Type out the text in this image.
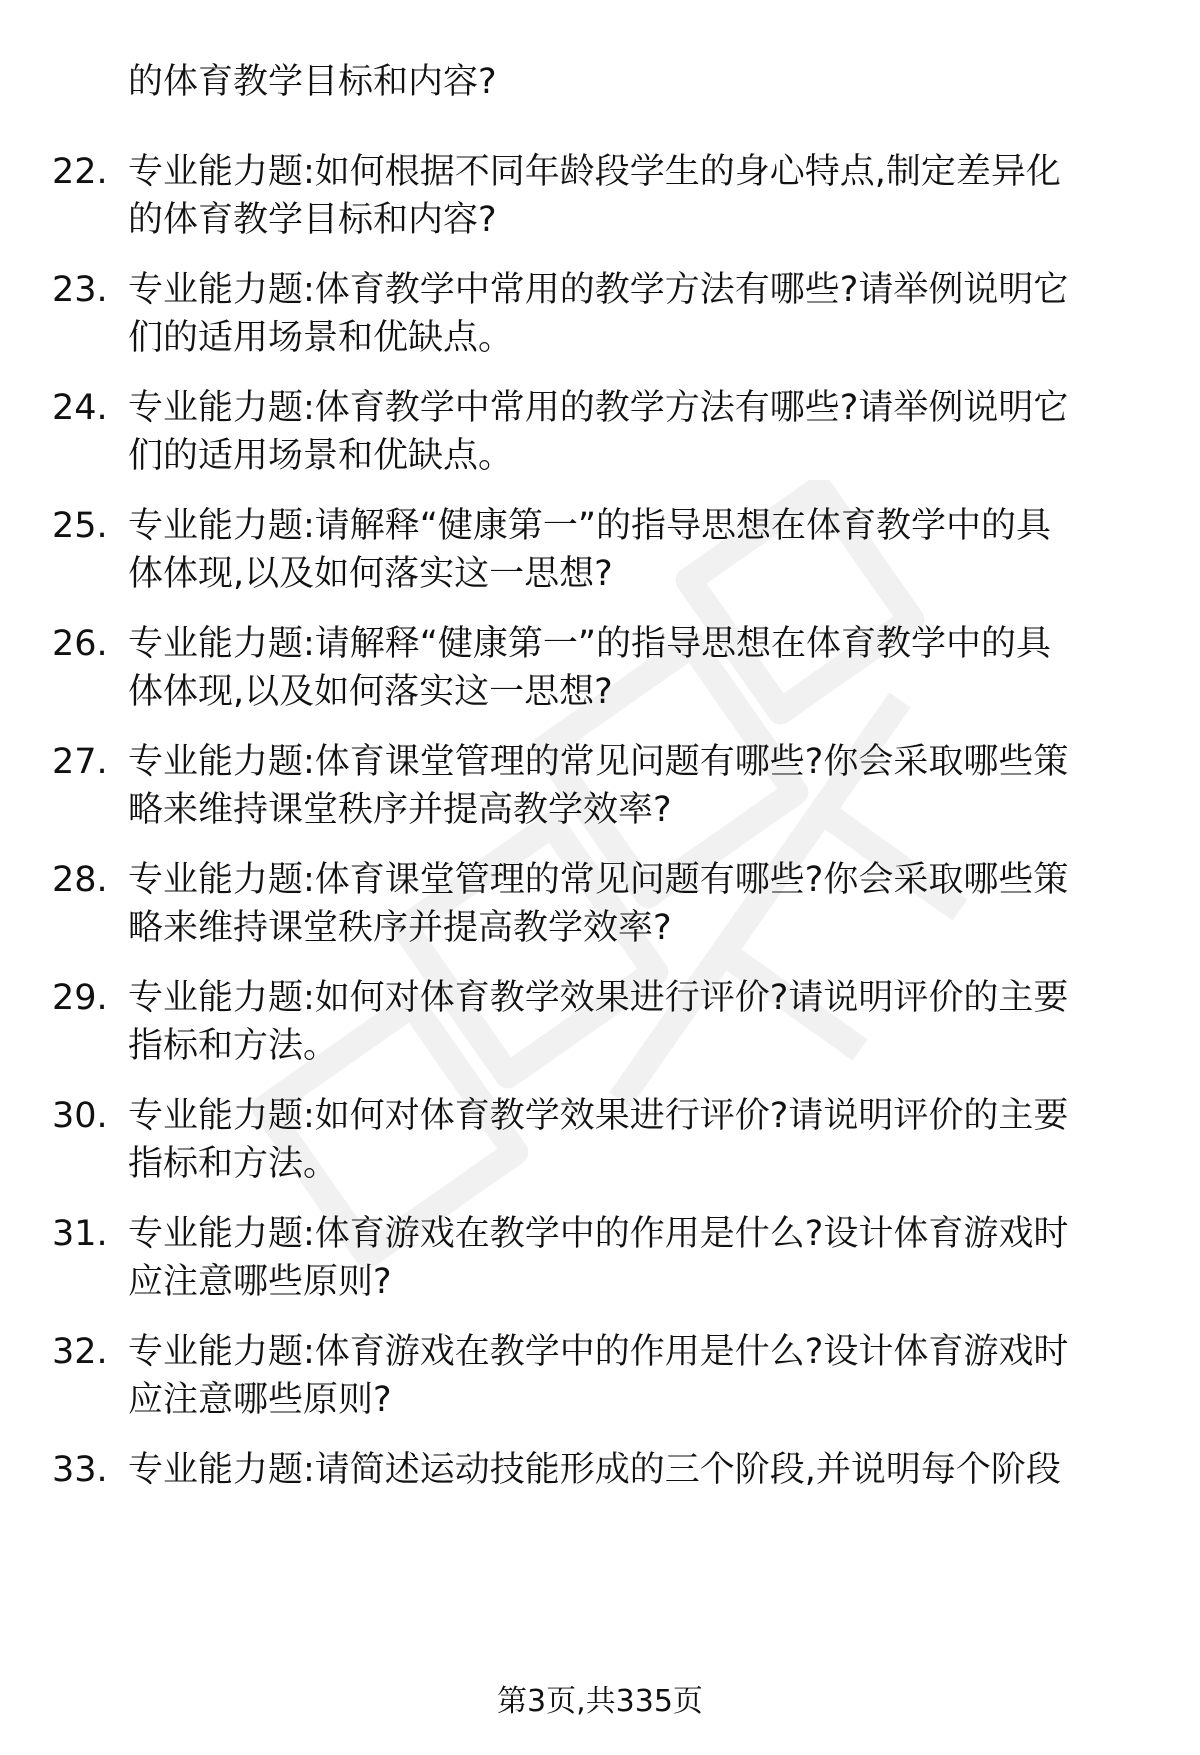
的体育教学目标和内容?
22. 专业能力题:如何根据不同年龄段学生的身心特点,制定差异化
的体育教学目标和内容?
23. 专业能力题:体育教学中常用的教学方法有哪些?请举例说明它
们的适用场景和优缺点。
24. 专业能力题:体育教学中常用的教学方法有哪些?请举例说明它
们的适用场景和优缺点。
25. 专业能力题:请解释“健康第一”的指导思想在体育教学中的具
体体现,以及如何落实这一思想?
26. 专业能力题:请解释“健康第一”的指导思想在体育教学中的具
体体现,以及如何落实这一思想?
27. 专业能力题:体育课堂管理的常见问题有哪些?你会采取哪些策
略来维持课堂秩序并提高教学效率?
28. 专业能力题:体育课堂管理的常见问题有哪些?你会采取哪些策
略来维持课堂秩序并提高教学效率?
29. 专业能力题:如何对体育教学效果进行评价?请说明评价的主要
指标和方法。
30. 专业能力题:如何对体育教学效果进行评价?请说明评价的主要
指标和方法。
31. 专业能力题:体育游戏在教学中的作用是什么?设计体育游戏时
应注意哪些原则?
32. 专业能力题:体育游戏在教学中的作用是什么?设计体育游戏时
应注意哪些原则?
33. 专业能力题:请简述运动技能形成的三个阶段,并说明每个阶段
第3页,共335页
